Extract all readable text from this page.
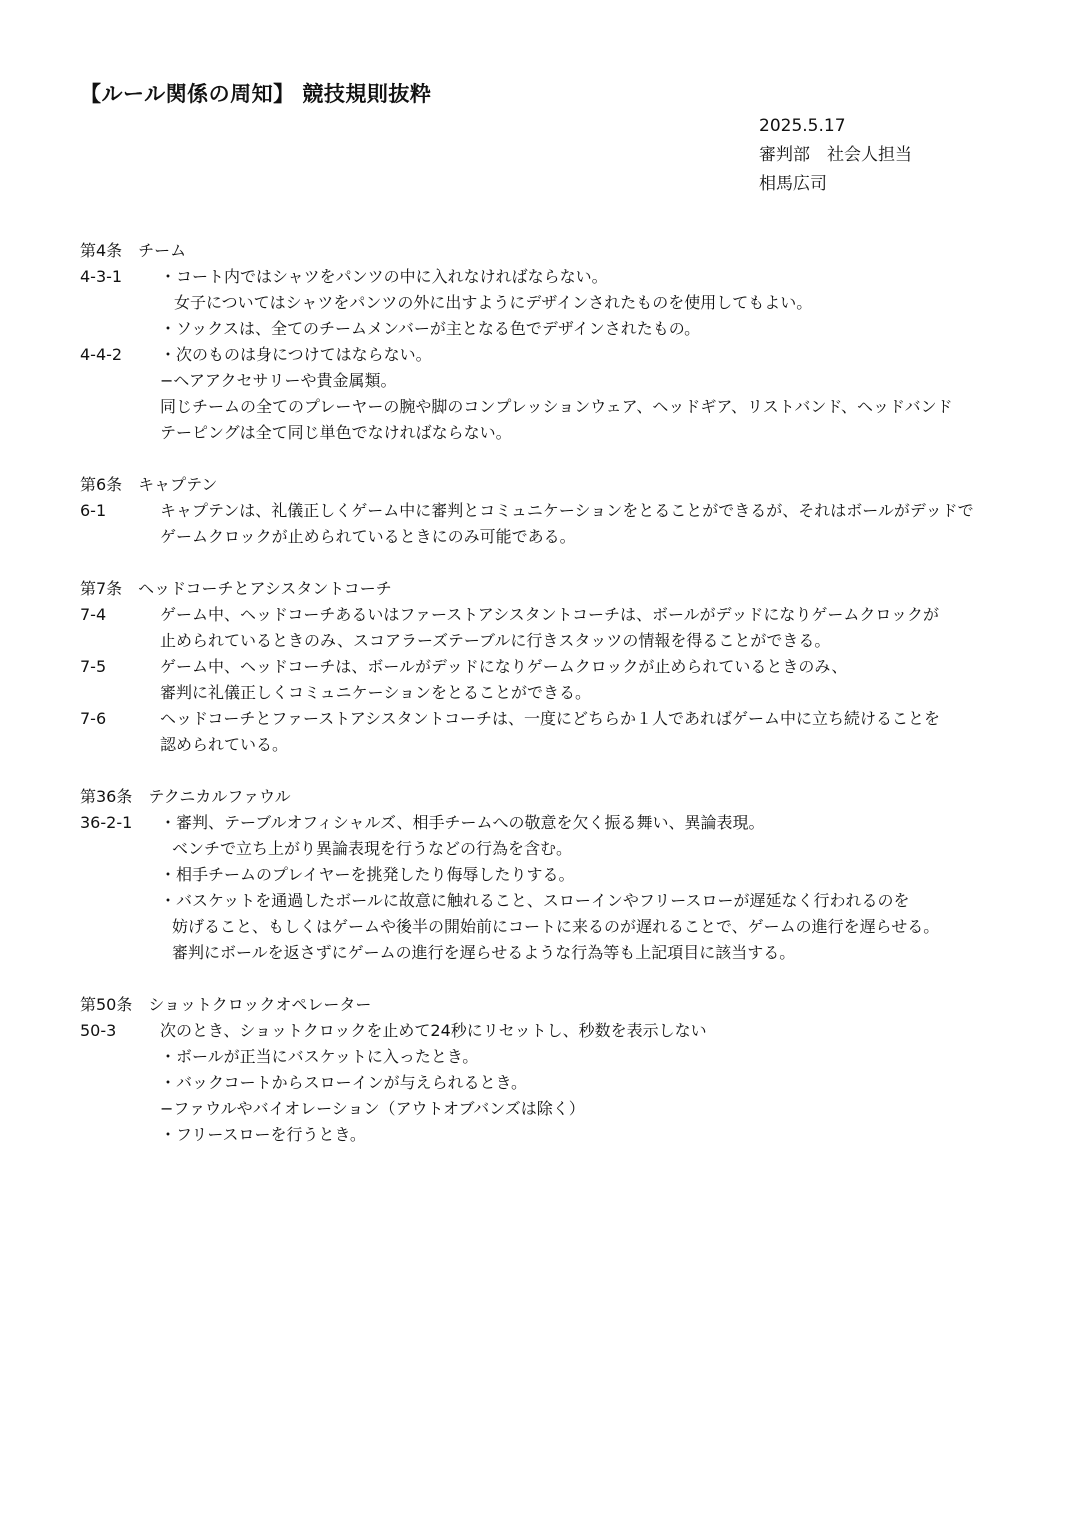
【ルール関係の周知】 競技規則抜粋
2025.5.17
審判部　社会人担当
相馬広司
第4条　チーム
4-3-1	・コート内ではシャツをパンツの中に入れなければならない。
女子についてはシャツをパンツの外に出すようにデザインされたものを使用してもよい。
・ソックスは、全てのチームメンバーが主となる色でデザインされたもの。
4-4-2	・次のものは身につけてはならない。
−ヘアアクセサリーや貴金属類。
同じチームの全てのプレーヤーの腕や脚のコンプレッションウェア、ヘッドギア、リストバンド、ヘッドバンド
テーピングは全て同じ単色でなければならない。
第6条　キャプテン
6-1	キャプテンは、礼儀正しくゲーム中に審判とコミュニケーションをとることができるが、それはボールがデッドで
ゲームクロックが止められているときにのみ可能である。
第7条　ヘッドコーチとアシスタントコーチ
7-4	ゲーム中、ヘッドコーチあるいはファーストアシスタントコーチは、ボールがデッドになりゲームクロックが
止められているときのみ、スコアラーズテーブルに行きスタッツの情報を得ることができる。
7-5	ゲーム中、ヘッドコーチは、ボールがデッドになりゲームクロックが止められているときのみ、
審判に礼儀正しくコミュニケーションをとることができる。
7-6	ヘッドコーチとファーストアシスタントコーチは、一度にどちらか１人であればゲーム中に立ち続けることを
認められている。
第36条　テクニカルファウル
36-2-1	・審判、テーブルオフィシャルズ、相手チームへの敬意を欠く振る舞い、異論表現。
ベンチで立ち上がり異論表現を行うなどの行為を含む。
・相手チームのプレイヤーを挑発したり侮辱したりする。
・バスケットを通過したボールに故意に触れること、スローインやフリースローが遅延なく行われるのを
妨げること、もしくはゲームや後半の開始前にコートに来るのが遅れることで、ゲームの進行を遅らせる。
審判にボールを返さずにゲームの進行を遅らせるような行為等も上記項目に該当する。
第50条　ショットクロックオペレーター
50-3	次のとき、ショットクロックを止めて24秒にリセットし、秒数を表示しない
・ボールが正当にバスケットに入ったとき。
・バックコートからスローインが与えられるとき。
−ファウルやバイオレーション（アウトオブバンズは除く）
・フリースローを行うとき。
